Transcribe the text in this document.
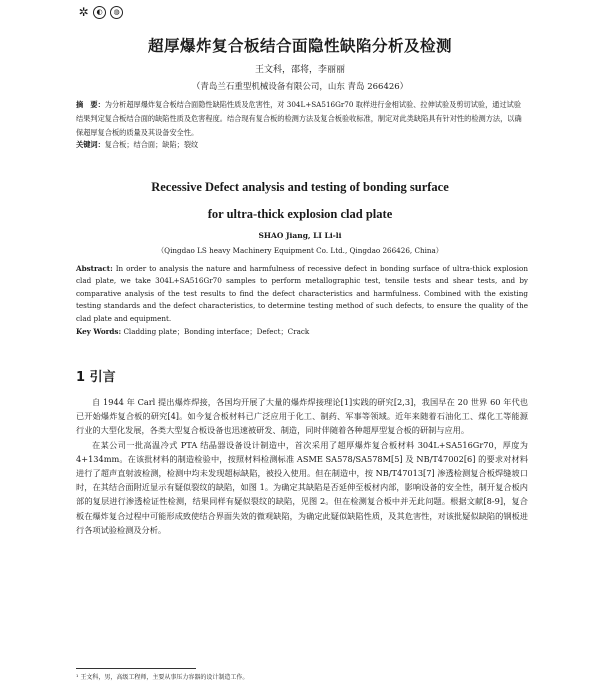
✲	◐	◍
超厚爆炸复合板结合面隐性缺陷分析及检测
王文科，邵将，李丽丽
（青岛兰石重型机械设备有限公司，山东 青岛 266426）
摘　要：为分析超厚爆炸复合板结合面隐性缺陷性质及危害性，对 304L+SA516Gr70 取样进行金相试验、拉伸试验及剪切试验，通过试验结果判定复合板结合面的缺陷性质及危害程度。结合现有复合板的检测方法及复合板验收标准，制定对此类缺陷具有针对性的检测方法，以确保超厚复合板的质量及其设备安全性。
关键词：复合板；结合面；缺陷；裂纹
Recessive Defect analysis and testing of bonding surface
for ultra-thick explosion clad plate
SHAO Jiang, LI Li-li
（Qingdao LS heavy Machinery Equipment Co. Ltd., Qingdao 266426, China）
Abstract: In order to analysis the nature and harmfulness of recessive defect in bonding surface of ultra-thick explosion clad plate, we take 304L+SA516Gr70 samples to perform metallographic test, tensile tests and shear tests, and by comparative analysis of the test results to find the defect characteristics and harmfulness. Combined with the existing testing standards and the defect characteristics, to determine testing method of such defects, to ensure the quality of the clad plate and equipment.
Key Words: Cladding plate；Bonding interface；Defect；Crack
1 引言

自 1944 年 Carl 提出爆炸焊接，各国均开展了大量的爆炸焊接理论[1]实践的研究[2,3]，我国早在 20 世界 60 年代也已开始爆炸复合板的研究[4]。如今复合板材料已广泛应用于化工、制药、军事等领域。近年来随着石油化工、煤化工等能源行业的大型化发展，各类大型复合板设备也迅速被研发、制造，同时伴随着各种超厚型复合板的研制与应用。

在某公司一批高温冷式 PTA 结晶器设备设计制造中，首次采用了超厚爆炸复合板材料 304L+SA516Gr70，厚度为 4+134mm。在该批材料的制造检验中，按照材料检测标准 ASME SA578/SA578M[5] 及 NB/T47002[6] 的要求对材料进行了超声直射波检测，检测中均未发现超标缺陷，被投入使用。但在制造中，按 NB/T47013[7] 渗透检测复合板焊缝坡口时，在其结合面附近显示有疑似裂纹的缺陷，如图 1。为确定其缺陷是否延伸至板材内部，影响设备的安全性，制开复合板内部的复层进行渗透检证性检测，结果同样有疑似裂纹的缺陷，见图 2。但在检测复合板中并无此问题。根据文献[8-9]，复合板在爆炸复合过程中可能形成致使结合界面失效的微观缺陷，为确定此疑似缺陷性质，及其危害性，对该批疑似缺陷的钢板进行各项试验检测及分析。

¹ 王文科，男，高级工程师，主要从事压力容器的设计制造工作。
